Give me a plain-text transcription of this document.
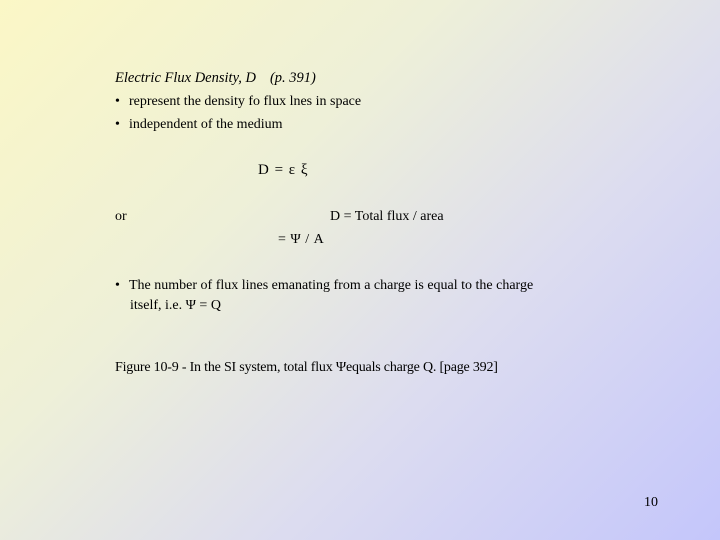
Electric Flux Density, D (p. 391)
• represent the density fo flux lnes in space
• independent of the medium
D = ε ξ
or	D = Total flux / area
= Ψ / A
• The number of flux lines emanating from a charge is equal to the charge
itself, i.e. Ψ = Q
Figure 10-9 - In the SI system, total flux Ψequals charge Q. [page 392]
10
